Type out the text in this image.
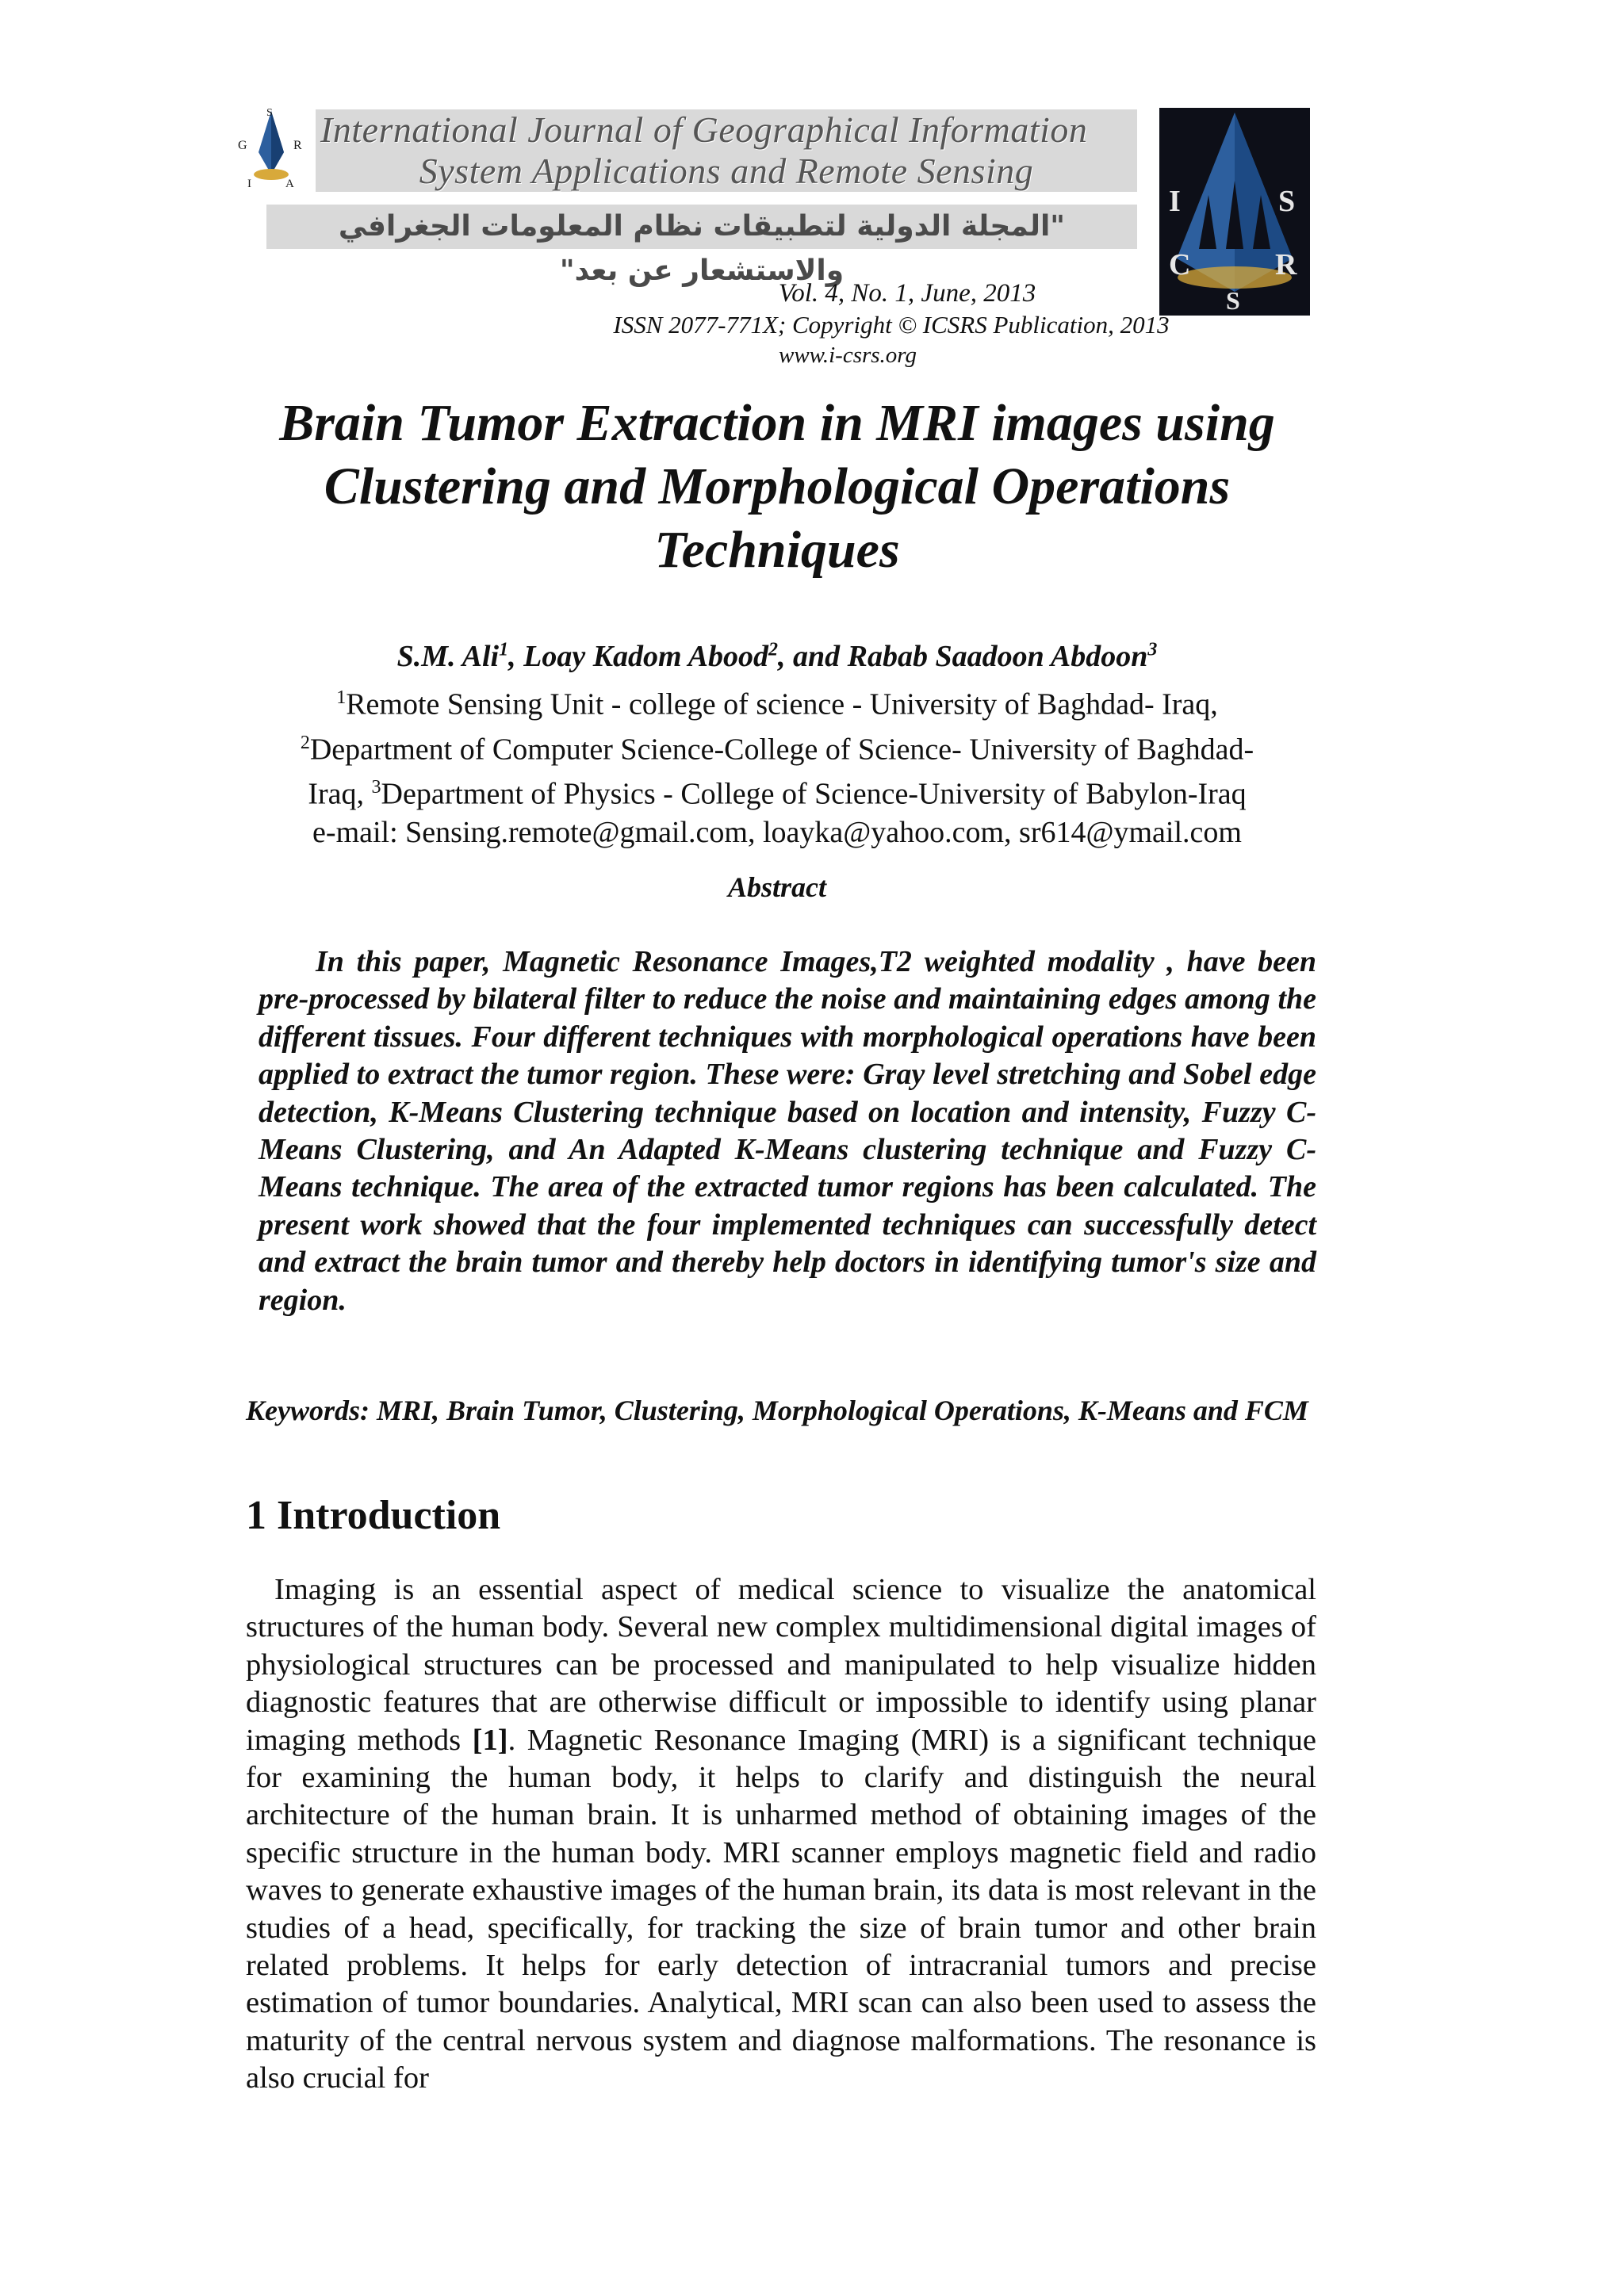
S
G	R
I	A
International Journal of Geographical Information
System Applications and Remote Sensing
"المجلة الدولية لتطبيقات نظام المعلومات الجغرافي والاستشعار عن بعد"
I	S
C	R
S
Vol. 4, No. 1, June, 2013
ISSN 2077-771X; Copyright © ICSRS Publication, 2013
www.i-csrs.org
Brain Tumor Extraction in MRI images using
Clustering and Morphological Operations
Techniques
S.M. Ali$^1$, Loay Kadom Abood$^2$, and Rabab Saadoon Abdoon$^3$
$^1$Remote Sensing Unit - college of science - University of Baghdad- Iraq,
$^2$Department of Computer Science-College of Science- University of Baghdad-
Iraq, $^3$Department of Physics - College of Science-University of Babylon-Iraq
e-mail: Sensing.remote@gmail.com, loayka@yahoo.com, sr614@ymail.com
Abstract
In this paper, Magnetic Resonance Images,T2 weighted modality , have been pre-processed by bilateral filter to reduce the noise and maintaining edges among the different tissues. Four different techniques with morphological operations have been applied to extract the tumor region. These were: Gray level stretching and Sobel edge detection, K-Means Clustering technique based on location and intensity, Fuzzy C-Means Clustering, and An Adapted K-Means clustering technique and Fuzzy C-Means technique. The area of the extracted tumor regions has been calculated. The present work showed that the four implemented techniques can successfully detect and extract the brain tumor and thereby help doctors in identifying tumor's size and region.
Keywords: MRI, Brain Tumor, Clustering, Morphological Operations, K-Means and FCM
1 Introduction
Imaging is an essential aspect of medical science to visualize the anatomical structures of the human body. Several new complex multidimensional digital images of physiological structures can be processed and manipulated to help visualize hidden diagnostic features that are otherwise difficult or impossible to identify using planar imaging methods [1]. Magnetic Resonance Imaging (MRI) is a significant technique for examining the human body, it helps to clarify and distinguish the neural architecture of the human brain. It is unharmed method of obtaining images of the specific structure in the human body. MRI scanner employs magnetic field and radio waves to generate exhaustive images of the human brain, its data is most relevant in the studies of a head, specifically, for tracking the size of brain tumor and other brain related problems. It helps for early detection of intracranial tumors and precise estimation of tumor boundaries. Analytical, MRI scan can also been used to assess the maturity of the central nervous system and diagnose malformations. The resonance is also crucial for
